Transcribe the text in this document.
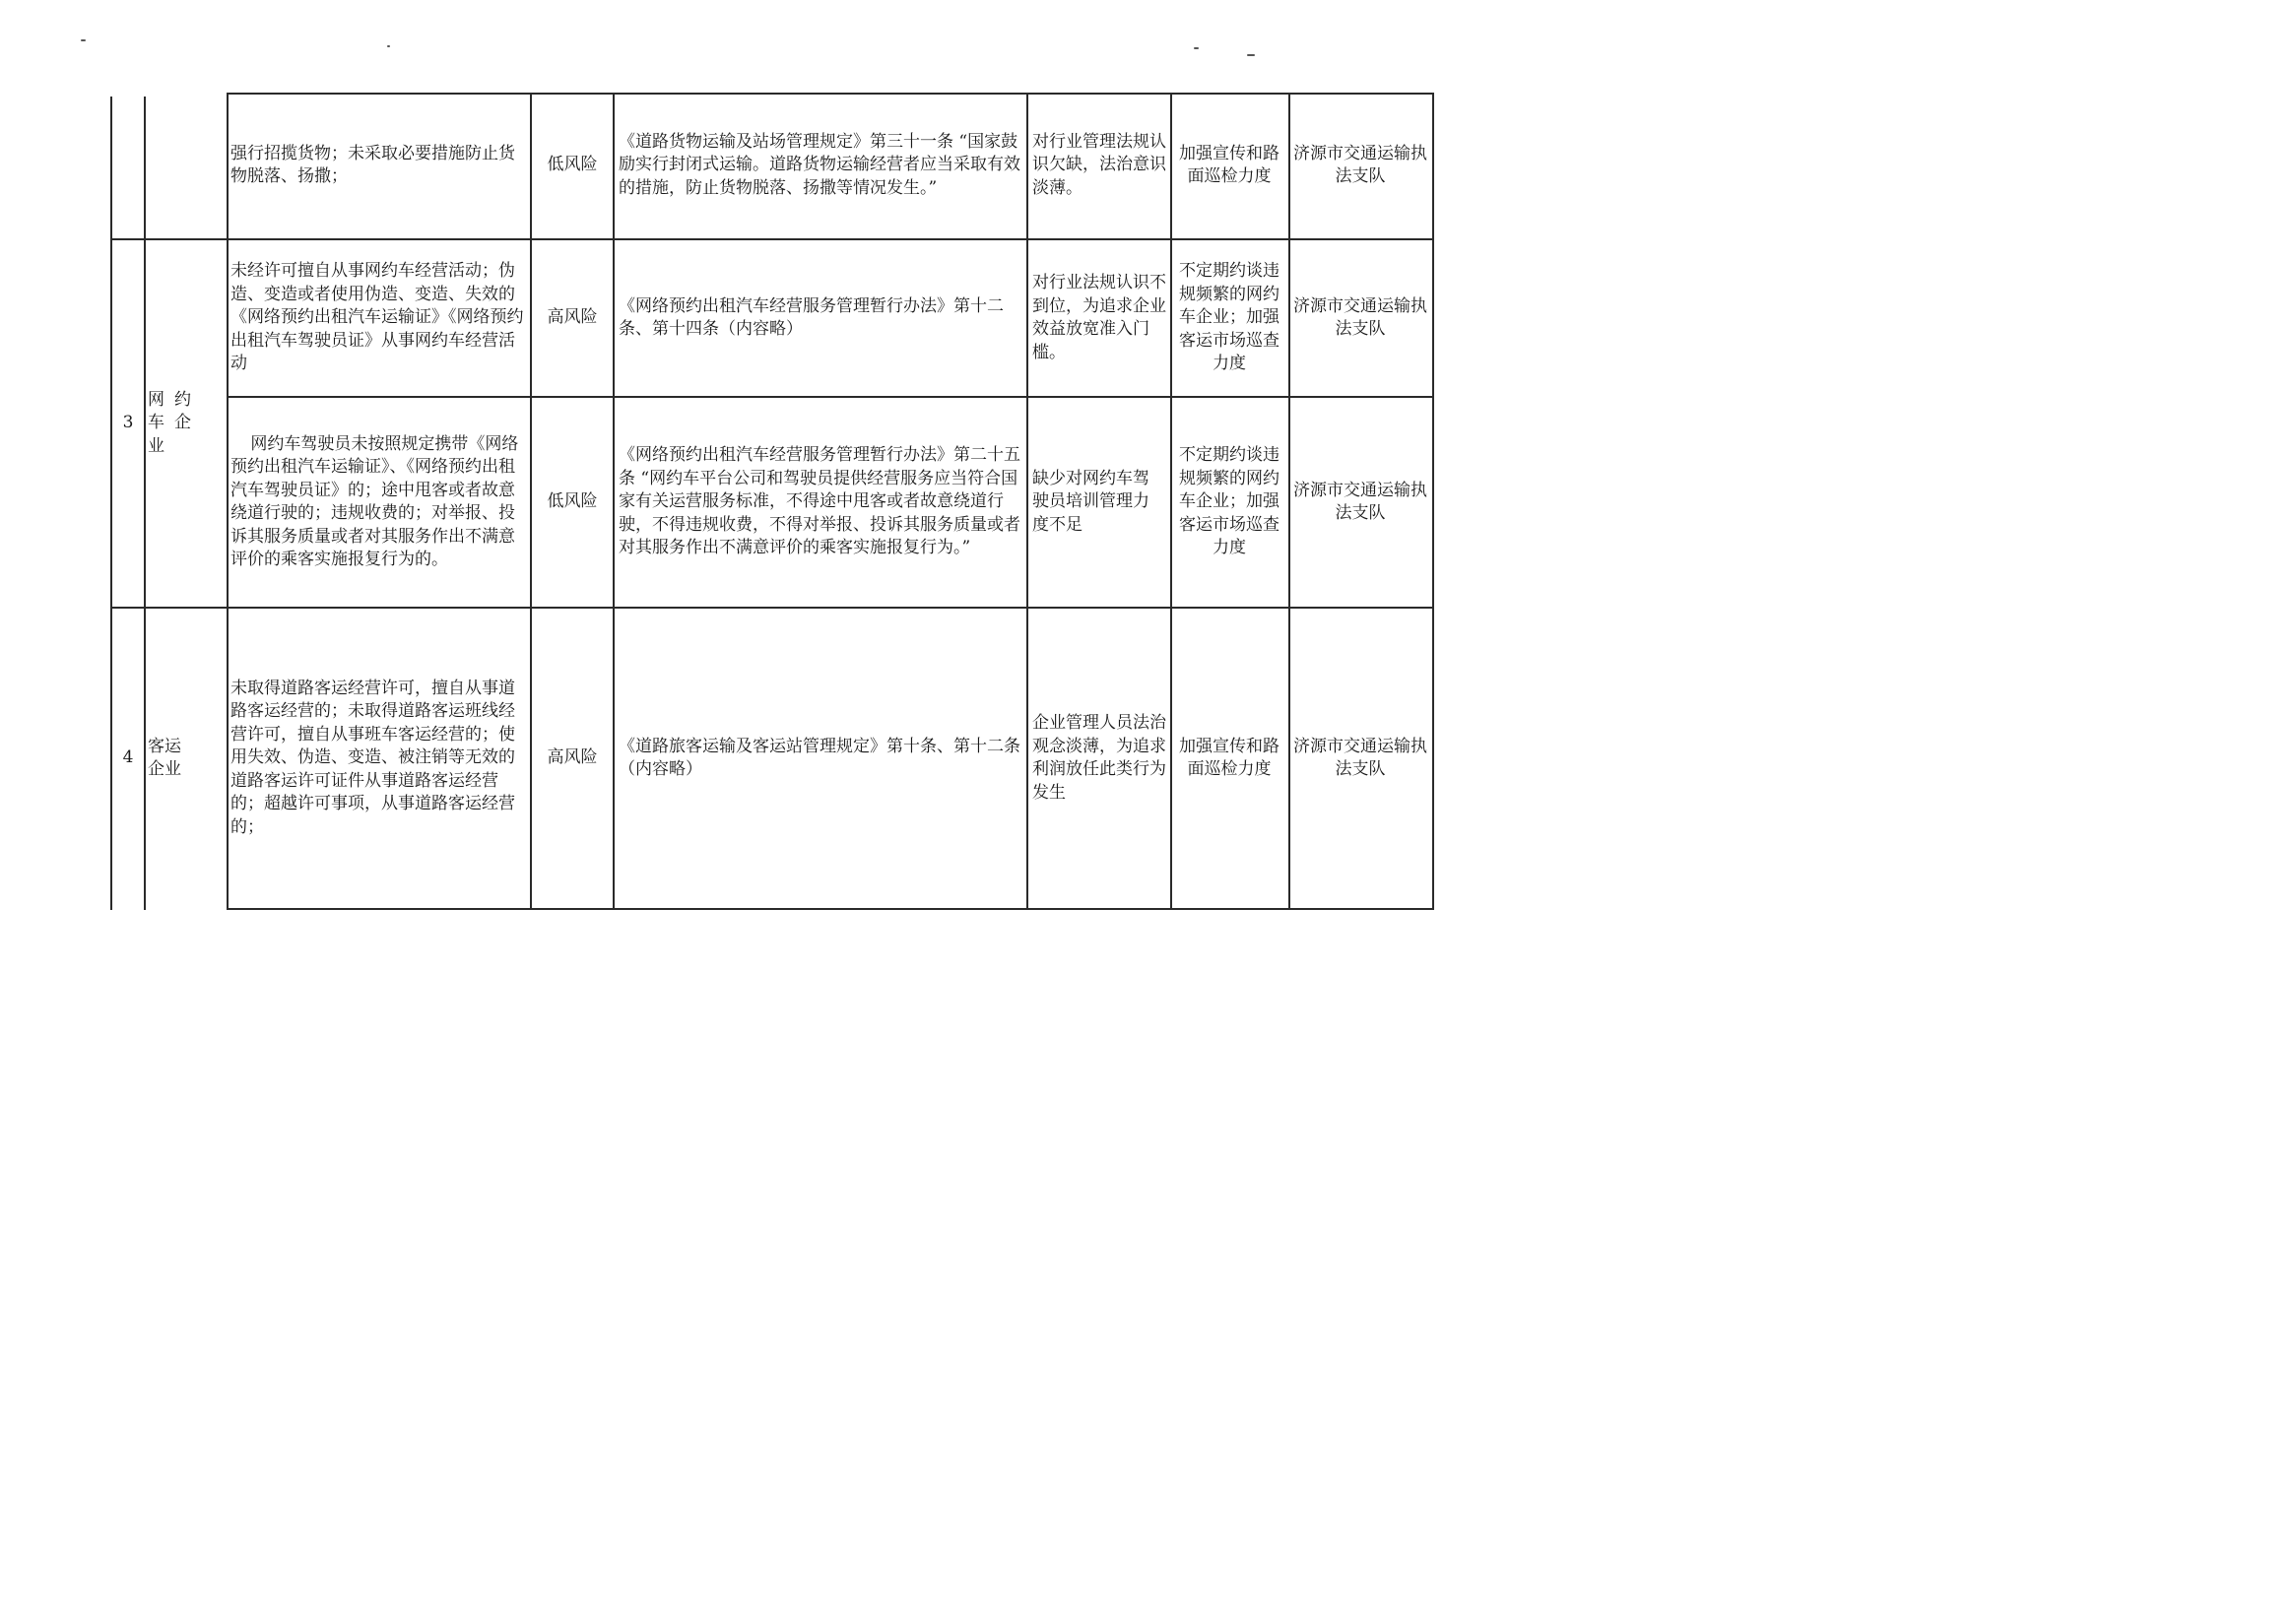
强行招揽货物；未采取必要措施防止货物脱落、扬撒；
低风险
《道路货物运输及站场管理规定》第三十一条 “国家鼓励实行封闭式运输。道路货物运输经营者应当采取有效的措施，防止货物脱落、扬撒等情况发生。”
对行业管理法规认识欠缺，法治意识淡薄。
加强宣传和路面巡检力度
济源市交通运输执法支队
3
网约车企业
未经许可擅自从事网约车经营活动；伪造、变造或者使用伪造、变造、失效的《网络预约出租汽车运输证》《网络预约出租汽车驾驶员证》从事网约车经营活动
高风险
《网络预约出租汽车经营服务管理暂行办法》第十二条、第十四条（内容略）
对行业法规认识不到位，为追求企业效益放宽准入门槛。
不定期约谈违规频繁的网约车企业；加强客运市场巡查力度
济源市交通运输执法支队
网约车驾驶员未按照规定携带《网络预约出租汽车运输证》、《网络预约出租汽车驾驶员证》的；途中甩客或者故意绕道行驶的；违规收费的；对举报、投诉其服务质量或者对其服务作出不满意评价的乘客实施报复行为的。
低风险
《网络预约出租汽车经营服务管理暂行办法》第二十五条 “网约车平台公司和驾驶员提供经营服务应当符合国家有关运营服务标准，不得途中甩客或者故意绕道行驶，不得违规收费，不得对举报、投诉其服务质量或者对其服务作出不满意评价的乘客实施报复行为。”
缺少对网约车驾驶员培训管理力度不足
不定期约谈违规频繁的网约车企业；加强客运市场巡查力度
济源市交通运输执法支队
4
客运企业
未取得道路客运经营许可，擅自从事道路客运经营的；未取得道路客运班线经营许可，擅自从事班车客运经营的；使用失效、伪造、变造、被注销等无效的道路客运许可证件从事道路客运经营的；超越许可事项，从事道路客运经营的；
高风险
《道路旅客运输及客运站管理规定》第十条、第十二条（内容略）
企业管理人员法治观念淡薄，为追求利润放任此类行为发生
加强宣传和路面巡检力度
济源市交通运输执法支队
